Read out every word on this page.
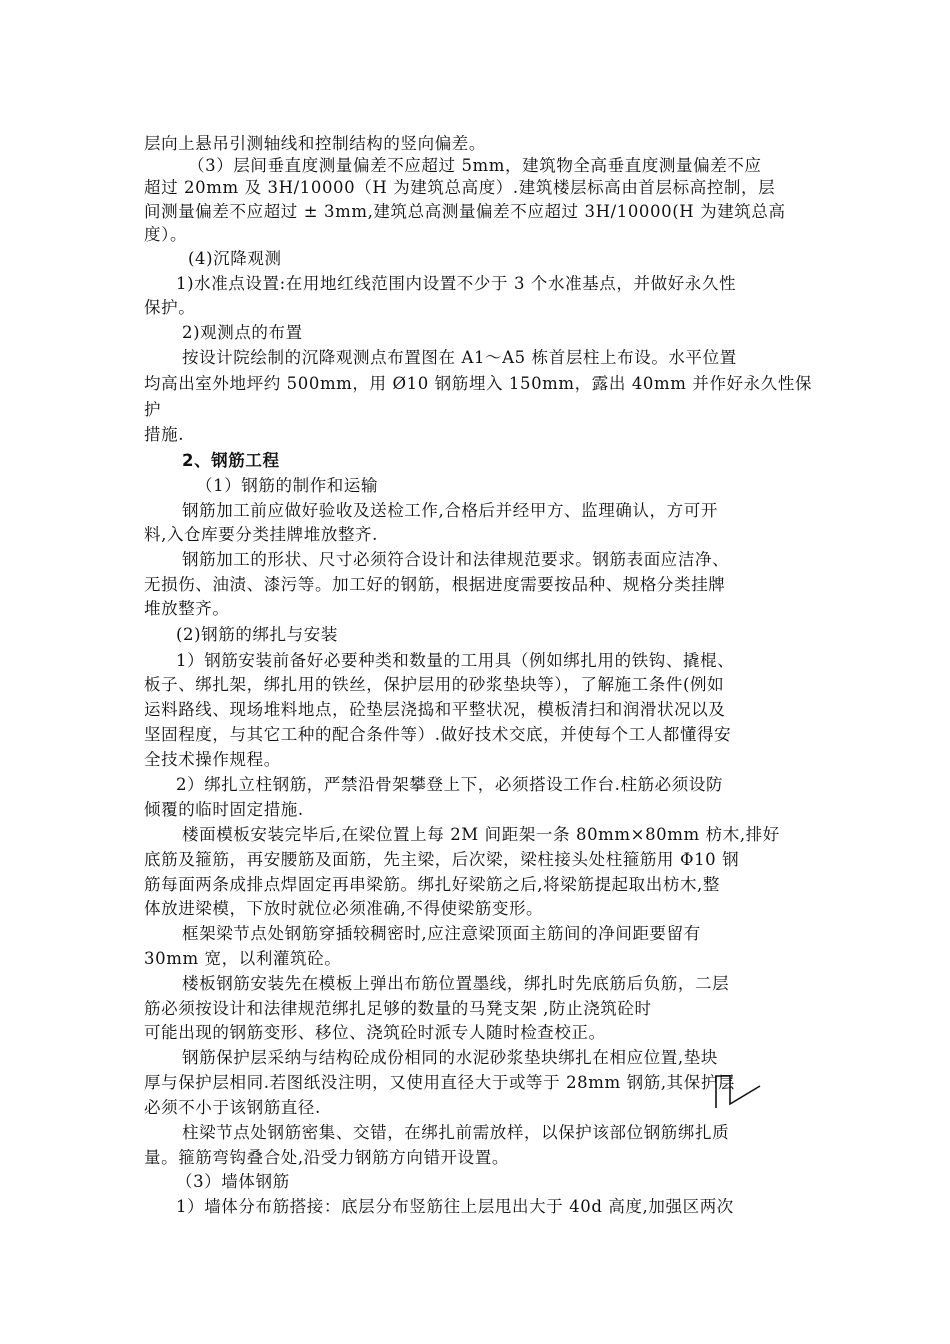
层向上悬吊引测轴线和控制结构的竖向偏差。
（3）层间垂直度测量偏差不应超过 5mm，建筑物全高垂直度测量偏差不应
超过 20mm 及 3H/10000（H 为建筑总高度）.建筑楼层标高由首层标高控制，层
间测量偏差不应超过 ± 3mm,建筑总高测量偏差不应超过 3H/10000(H 为建筑总高
度）。
(4)沉降观测
1)水准点设置:在用地红线范围内设置不少于 3 个水准基点，并做好永久性
保护。
2)观测点的布置
按设计院绘制的沉降观测点布置图在 A1～A5 栋首层柱上布设。水平位置
均高出室外地坪约 500mm，用 Ø10 钢筋埋入 150mm，露出 40mm 并作好永久性保
护
措施.
2、钢筋工程
（1）钢筋的制作和运输
钢筋加工前应做好验收及送检工作,合格后并经甲方、监理确认，方可开
料,入仓库要分类挂牌堆放整齐.
钢筋加工的形状、尺寸必须符合设计和法律规范要求。钢筋表面应洁净、
无损伤、油渍、漆污等。加工好的钢筋，根据进度需要按品种、规格分类挂牌
堆放整齐。
(2)钢筋的绑扎与安装
1）钢筋安装前备好必要种类和数量的工用具（例如绑扎用的铁钩、撬棍、
板子、绑扎架，绑扎用的铁丝，保护层用的砂浆垫块等），了解施工条件(例如
运料路线、现场堆料地点，砼垫层浇捣和平整状况，模板清扫和润滑状况以及
坚固程度，与其它工种的配合条件等）.做好技术交底，并使每个工人都懂得安
全技术操作规程。
2）绑扎立柱钢筋，严禁沿骨架攀登上下，必须搭设工作台.柱筋必须设防
倾覆的临时固定措施.
楼面模板安装完毕后,在梁位置上每 2M 间距架一条 80mm×80mm 枋木,排好
底筋及箍筋，再安腰筋及面筋，先主梁，后次梁，梁柱接头处柱箍筋用 Φ10 钢
筋每面两条成排点焊固定再串梁筋。绑扎好梁筋之后,将梁筋提起取出枋木,整
体放进梁模，下放时就位必须准确,不得使梁筋变形。
框架梁节点处钢筋穿插较稠密时,应注意梁顶面主筋间的净间距要留有
30mm 宽，以利灌筑砼。
楼板钢筋安装先在模板上弹出布筋位置墨线，绑扎时先底筋后负筋，二层
筋必须按设计和法律规范绑扎足够的数量的马凳支架 ,防止浇筑砼时
可能出现的钢筋变形、移位、浇筑砼时派专人随时检查校正。
钢筋保护层采纳与结构砼成份相同的水泥砂浆垫块绑扎在相应位置,垫块
厚与保护层相同.若图纸没注明，又使用直径大于或等于 28mm 钢筋,其保护层
必须不小于该钢筋直径.
柱梁节点处钢筋密集、交错，在绑扎前需放样，以保护该部位钢筋绑扎质
量。箍筋弯钩叠合处,沿受力钢筋方向错开设置。
（3）墙体钢筋
1）墙体分布筋搭接：底层分布竖筋往上层甩出大于 40d 高度,加强区两次
